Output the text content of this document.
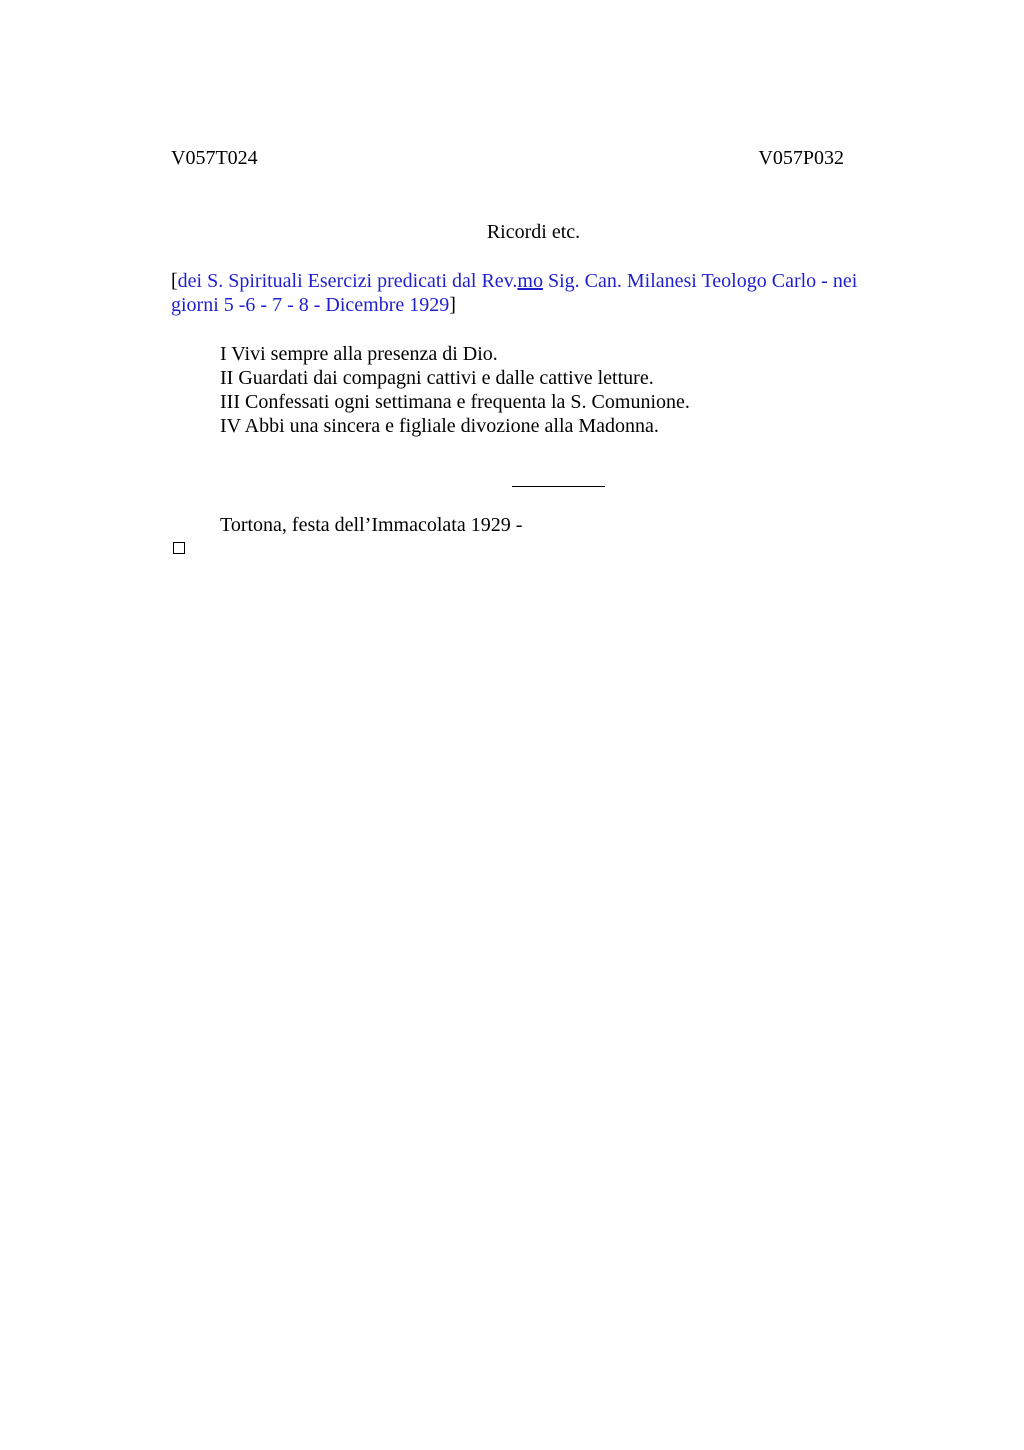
V057T024	V057P032
Ricordi etc.
[dei S. Spirituali Esercizi predicati dal Rev.mo Sig. Can. Milanesi Teologo Carlo - nei giorni 5 -6 - 7 - 8 - Dicembre 1929]
I Vivi sempre alla presenza di Dio.
II Guardati dai compagni cattivi e dalle cattive letture.
III Confessati ogni settimana e frequenta la S. Comunione.
IV Abbi una sincera e figliale divozione alla Madonna.
Tortona, festa dell’Immacolata 1929 -
